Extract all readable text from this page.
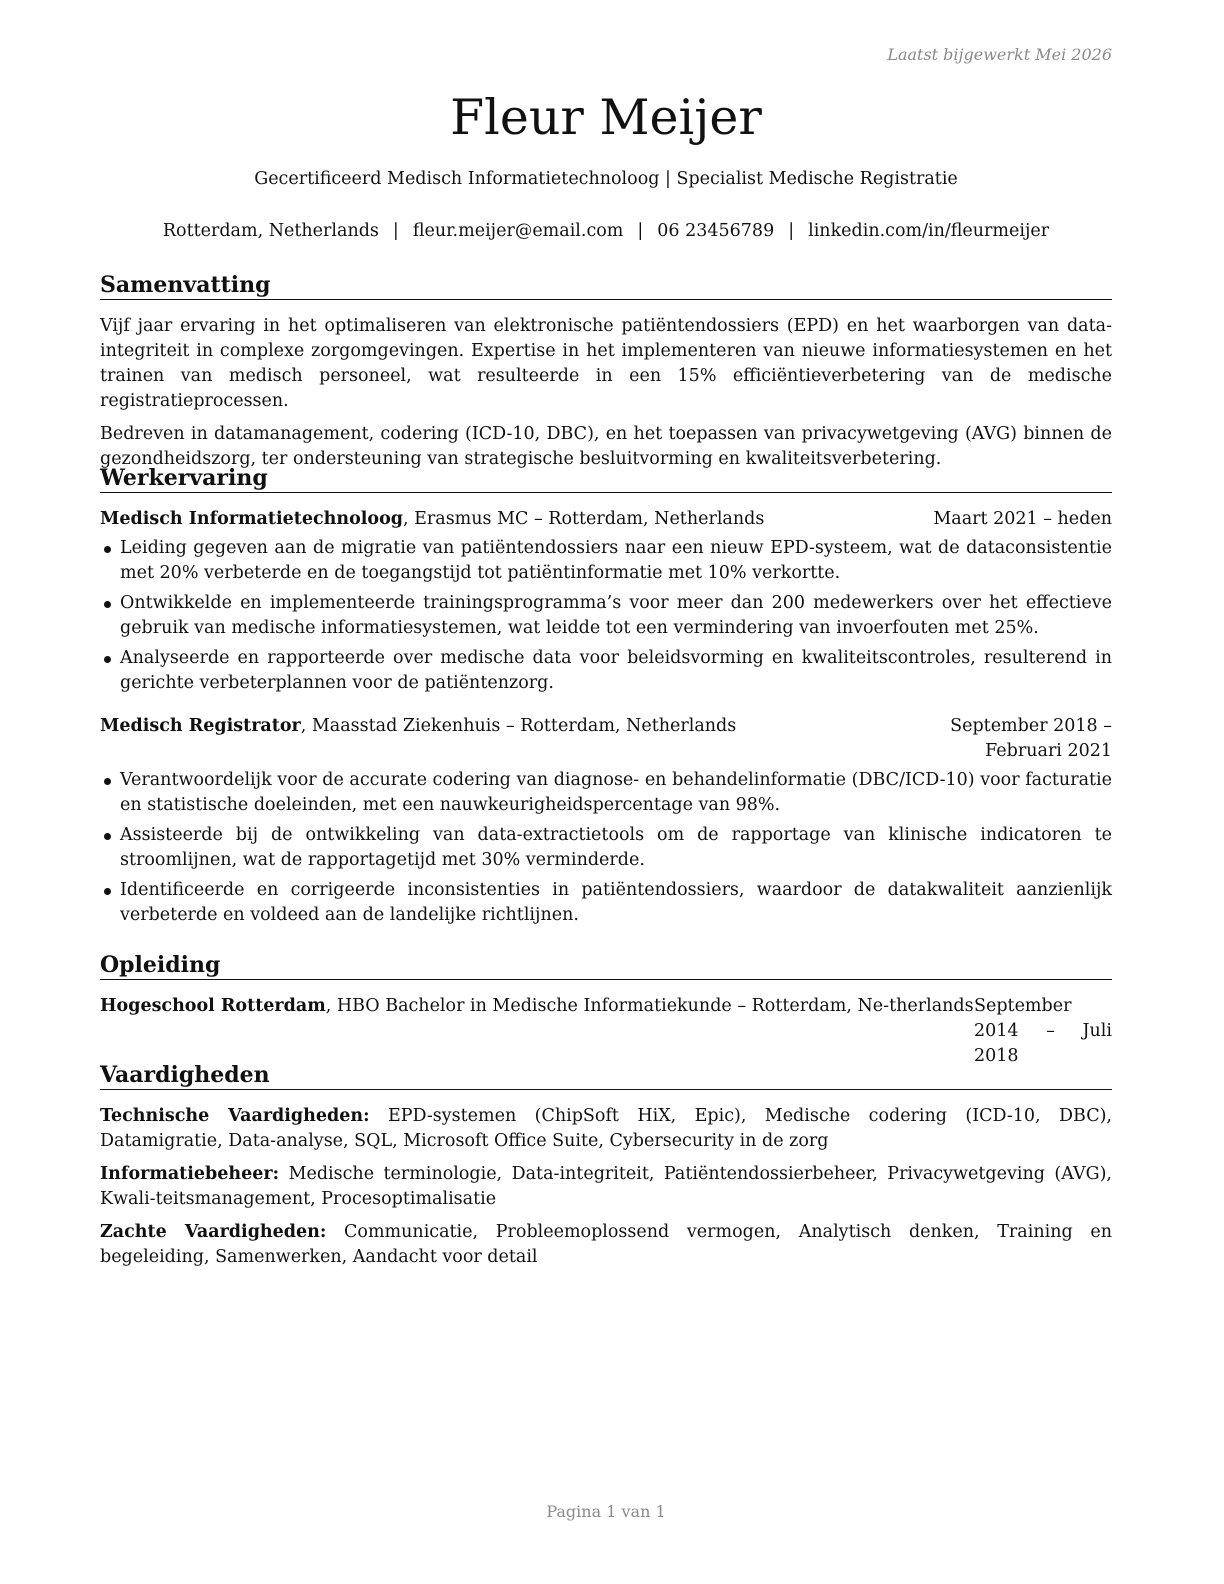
Laatst bijgewerkt Mei 2026
Fleur Meijer
Gecertificeerd Medisch Informatietechnoloog | Specialist Medische Registratie
Rotterdam, Netherlands | fleur.meijer@email.com | 06 23456789 | linkedin.com/in/fleurmeijer
Samenvatting

Vijf jaar ervaring in het optimaliseren van elektronische patiëntendossiers (EPD) en het waarborgen van data-integriteit in complexe zorgomgevingen. Expertise in het implementeren van nieuwe informatiesystemen en het trainen van medisch personeel, wat resulteerde in een 15% efficiëntieverbetering van de medische registratieprocessen.

Bedreven in datamanagement, codering (ICD-10, DBC), en het toepassen van privacywetgeving (AVG) binnen de gezondheidszorg, ter ondersteuning van strategische besluitvorming en kwaliteitsverbetering.

Werkervaring
Medisch Informatietechnoloog, Erasmus MC – Rotterdam, Netherlands	Maart 2021 – heden
Leiding gegeven aan de migratie van patiëntendossiers naar een nieuw EPD-systeem, wat de dataconsistentie met 20% verbeterde en de toegangstijd tot patiëntinformatie met 10% verkortte.
Ontwikkelde en implementeerde trainingsprogramma’s voor meer dan 200 medewerkers over het effectieve gebruik van medische informatiesystemen, wat leidde tot een vermindering van invoerfouten met 25%.
Analyseerde en rapporteerde over medische data voor beleidsvorming en kwaliteitscontroles, resulterend in gerichte verbeterplannen voor de patiëntenzorg.
Medisch Registrator, Maasstad Ziekenhuis – Rotterdam, Netherlands	September 2018 – Februari 2021
Verantwoordelijk voor de accurate codering van diagnose- en behandelinformatie (DBC/ICD-10) voor facturatie en statistische doeleinden, met een nauwkeurigheidspercentage van 98%.
Assisteerde bij de ontwikkeling van data-extractietools om de rapportage van klinische indicatoren te stroomlijnen, wat de rapportagetijd met 30% verminderde.
Identificeerde en corrigeerde inconsistenties in patiëntendossiers, waardoor de datakwaliteit aanzienlijk verbeterde en voldeed aan de landelijke richtlijnen.
Opleiding
Hogeschool Rotterdam, HBO Bachelor in Medische Informatiekunde – Rotterdam, Ne-therlands September 2014 – Juli 2018
Vaardigheden
Technische Vaardigheden: EPD-systemen (ChipSoft HiX, Epic), Medische codering (ICD-10, DBC), Datamigratie, Data-analyse, SQL, Microsoft Office Suite, Cybersecurity in de zorg
Informatiebeheer: Medische terminologie, Data-integriteit, Patiëntendossierbeheer, Privacywetgeving (AVG), Kwali-teitsmanagement, Procesoptimalisatie
Zachte Vaardigheden: Communicatie, Probleemoplossend vermogen, Analytisch denken, Training en begeleiding, Samenwerken, Aandacht voor detail
Pagina 1 van 1
